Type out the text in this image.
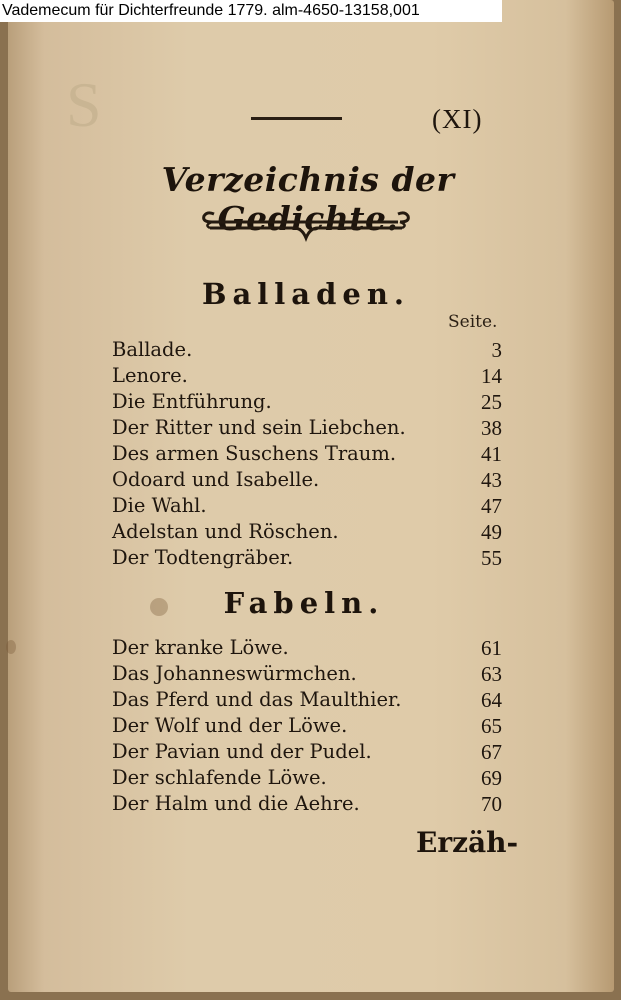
Vademecum für Dichterfreunde 1779. alm-4650-13158,001
S	(XI)
Verzeichnis der Gedichte.
Balladen.
Seite.
Ballade.	3
Lenore.	14
Die Entführung.	25
Der Ritter und sein Liebchen.	38
Des armen Suschens Traum.	41
Odoard und Isabelle.	43
Die Wahl.	47
Adelstan und Röschen.	49
Der Todtengräber.	55
Fabeln.
Der kranke Löwe.	61
Das Johanneswürmchen.	63
Das Pferd und das Maulthier.	64
Der Wolf und der Löwe.	65
Der Pavian und der Pudel.	67
Der schlafende Löwe.	69
Der Halm und die Aehre.	70
Erzäh-
